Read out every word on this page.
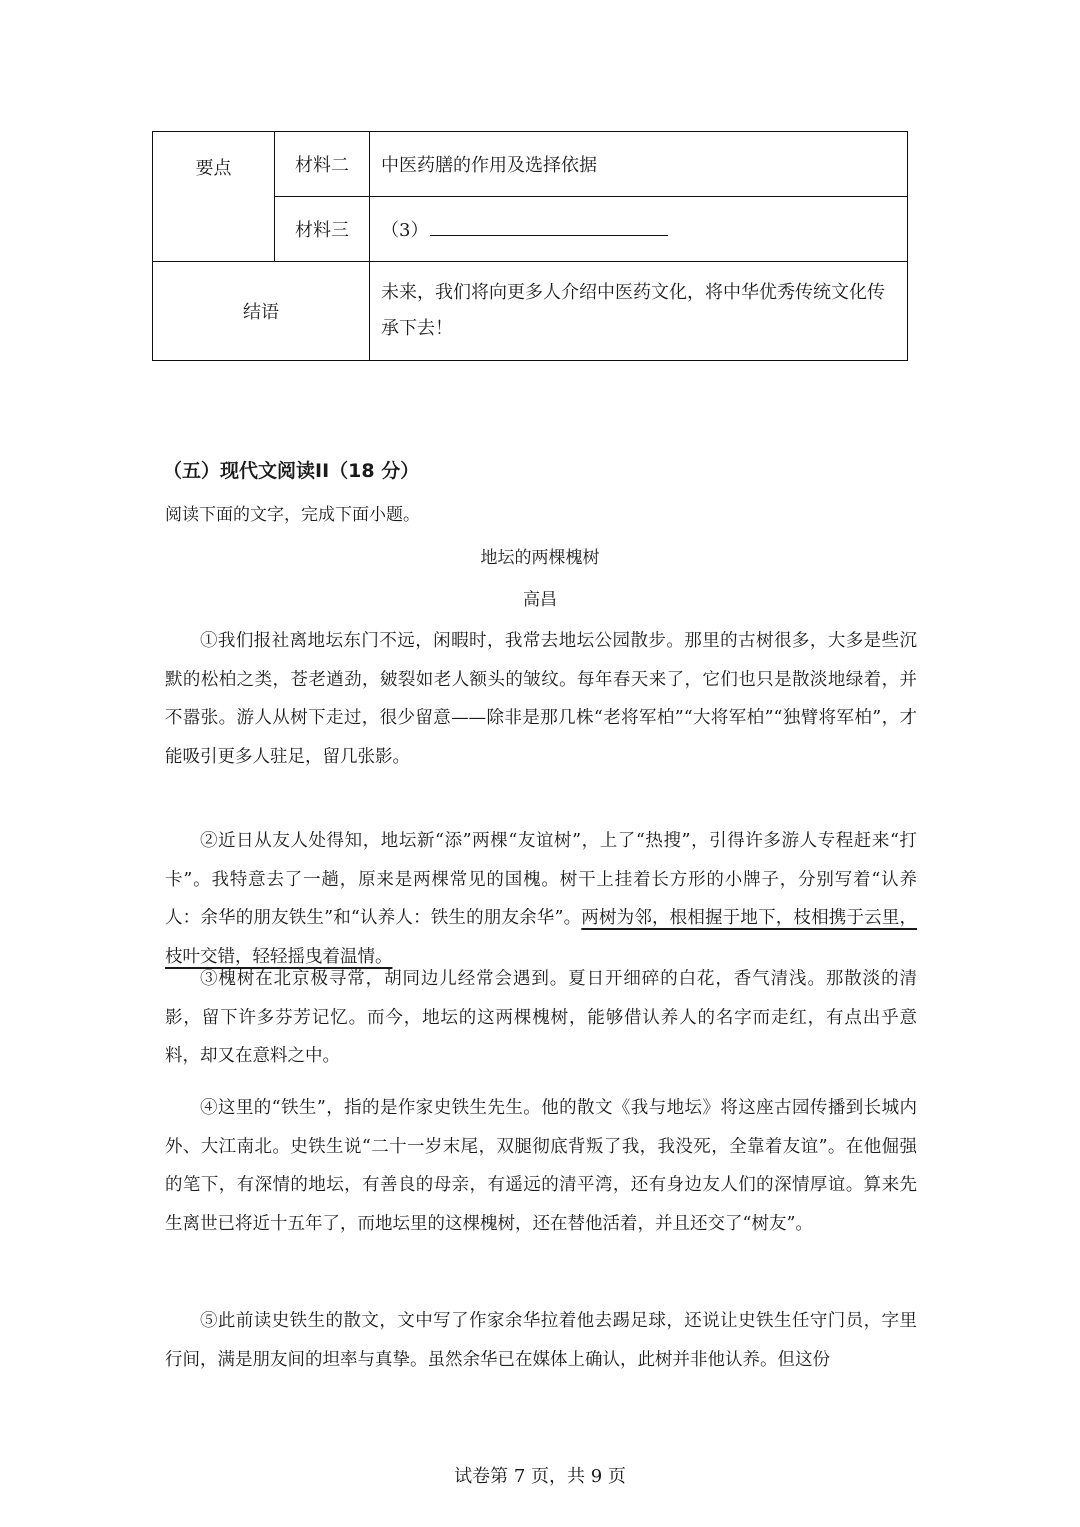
要点	材料二	中医药膳的作用及选择依据
	材料三	（3）
结语		未来，我们将向更多人介绍中医药文化，将中华优秀传统文化传承下去！
（五）现代文阅读II（18 分）
阅读下面的文字，完成下面小题。
地坛的两棵槐树
高昌

①我们报社离地坛东门不远，闲暇时，我常去地坛公园散步。那里的古树很多，大多是些沉默的松柏之类，苍老遒劲，皴裂如老人额头的皱纹。每年春天来了，它们也只是散淡地绿着，并不嚣张。游人从树下走过，很少留意——除非是那几株“老将军柏”“大将军柏”“独臂将军柏”，才能吸引更多人驻足，留几张影。

②近日从友人处得知，地坛新“添”两棵“友谊树”，上了“热搜”，引得许多游人专程赶来“打卡”。我特意去了一趟，原来是两棵常见的国槐。树干上挂着长方形的小牌子，分别写着“认养人：余华的朋友铁生”和“认养人：铁生的朋友余华”。两树为邻，根相握于地下，枝相携于云里，枝叶交错，轻轻摇曳着温情。

③槐树在北京极寻常，胡同边儿经常会遇到。夏日开细碎的白花，香气清浅。那散淡的清影，留下许多芬芳记忆。而今，地坛的这两棵槐树，能够借认养人的名字而走红，有点出乎意料，却又在意料之中。

④这里的“铁生”，指的是作家史铁生先生。他的散文《我与地坛》将这座古园传播到长城内外、大江南北。史铁生说“二十一岁末尾，双腿彻底背叛了我，我没死，全靠着友谊”。在他倔强的笔下，有深情的地坛，有善良的母亲，有遥远的清平湾，还有身边友人们的深情厚谊。算来先生离世已将近十五年了，而地坛里的这棵槐树，还在替他活着，并且还交了“树友”。

⑤此前读史铁生的散文，文中写了作家余华拉着他去踢足球，还说让史铁生任守门员，字里行间，满是朋友间的坦率与真挚。虽然余华已在媒体上确认，此树并非他认养。但这份

试卷第 7 页，共 9 页
